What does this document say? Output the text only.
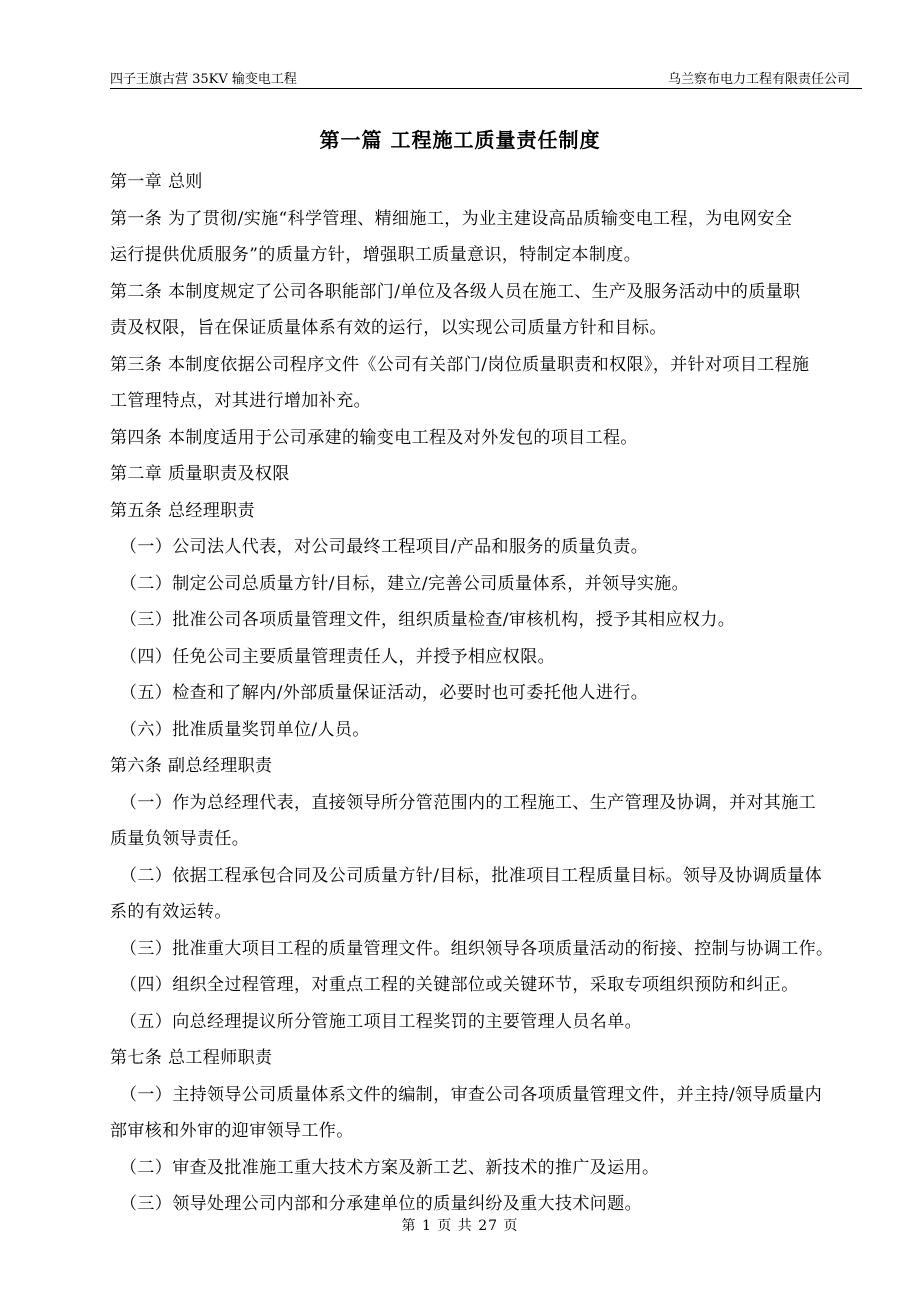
四子王旗古营 35KV 输变电工程	乌兰察布电力工程有限责任公司
第一篇 工程施工质量责任制度
第一章 总则
第一条 为了贯彻/实施“科学管理、精细施工，为业主建设高品质输变电工程，为电网安全
运行提供优质服务”的质量方针，增强职工质量意识，特制定本制度。
第二条 本制度规定了公司各职能部门/单位及各级人员在施工、生产及服务活动中的质量职
责及权限，旨在保证质量体系有效的运行，以实现公司质量方针和目标。
第三条 本制度依据公司程序文件《公司有关部门/岗位质量职责和权限》，并针对项目工程施
工管理特点，对其进行增加补充。
第四条 本制度适用于公司承建的输变电工程及对外发包的项目工程。
第二章 质量职责及权限
第五条 总经理职责
（一）公司法人代表，对公司最终工程项目/产品和服务的质量负责。
（二）制定公司总质量方针/目标，建立/完善公司质量体系，并领导实施。
（三）批准公司各项质量管理文件，组织质量检查/审核机构，授予其相应权力。
（四）任免公司主要质量管理责任人，并授予相应权限。
（五）检查和了解内/外部质量保证活动，必要时也可委托他人进行。
（六）批准质量奖罚单位/人员。
第六条 副总经理职责
（一）作为总经理代表，直接领导所分管范围内的工程施工、生产管理及协调，并对其施工
质量负领导责任。
（二）依据工程承包合同及公司质量方针/目标，批准项目工程质量目标。领导及协调质量体
系的有效运转。
（三）批准重大项目工程的质量管理文件。组织领导各项质量活动的衔接、控制与协调工作。
（四）组织全过程管理，对重点工程的关键部位或关键环节，采取专项组织预防和纠正。
（五）向总经理提议所分管施工项目工程奖罚的主要管理人员名单。
第七条 总工程师职责
（一）主持领导公司质量体系文件的编制，审查公司各项质量管理文件，并主持/领导质量内
部审核和外审的迎审领导工作。
（二）审查及批准施工重大技术方案及新工艺、新技术的推广及运用。
（三）领导处理公司内部和分承建单位的质量纠纷及重大技术问题。
第 1 页 共 27 页
